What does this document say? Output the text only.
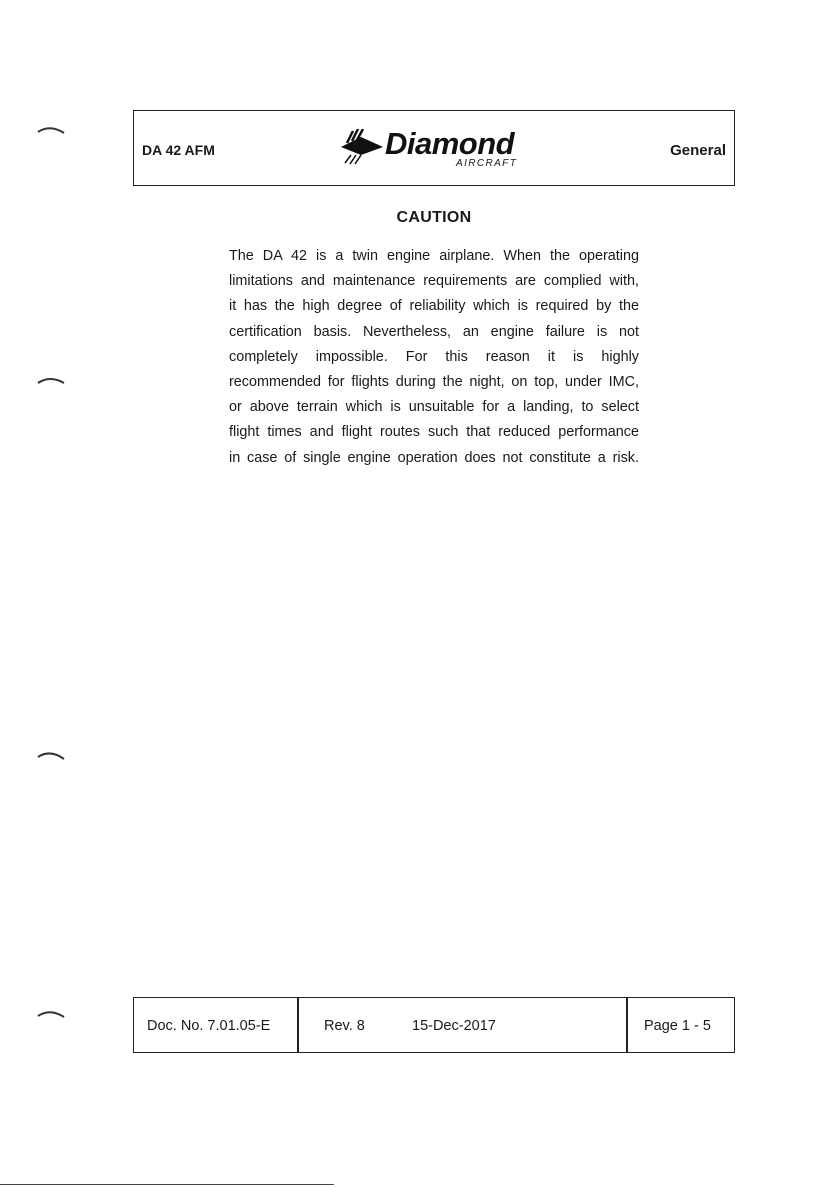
DA 42 AFM	Diamond
AIRCRAFT
General
CAUTION
The DA 42 is a twin engine airplane. When the operating
limitations and maintenance requirements are complied with,
it has the high degree of reliability which is required by the
certification basis. Nevertheless, an engine failure is not
completely impossible. For this reason it is highly
recommended for flights during the night, on top, under IMC,
or above terrain which is unsuitable for a landing, to select
flight times and flight routes such that reduced performance
in case of single engine operation does not constitute a risk.
Doc. No. 7.01.05-E	Rev. 8	15-Dec-2017	Page 1 - 5
